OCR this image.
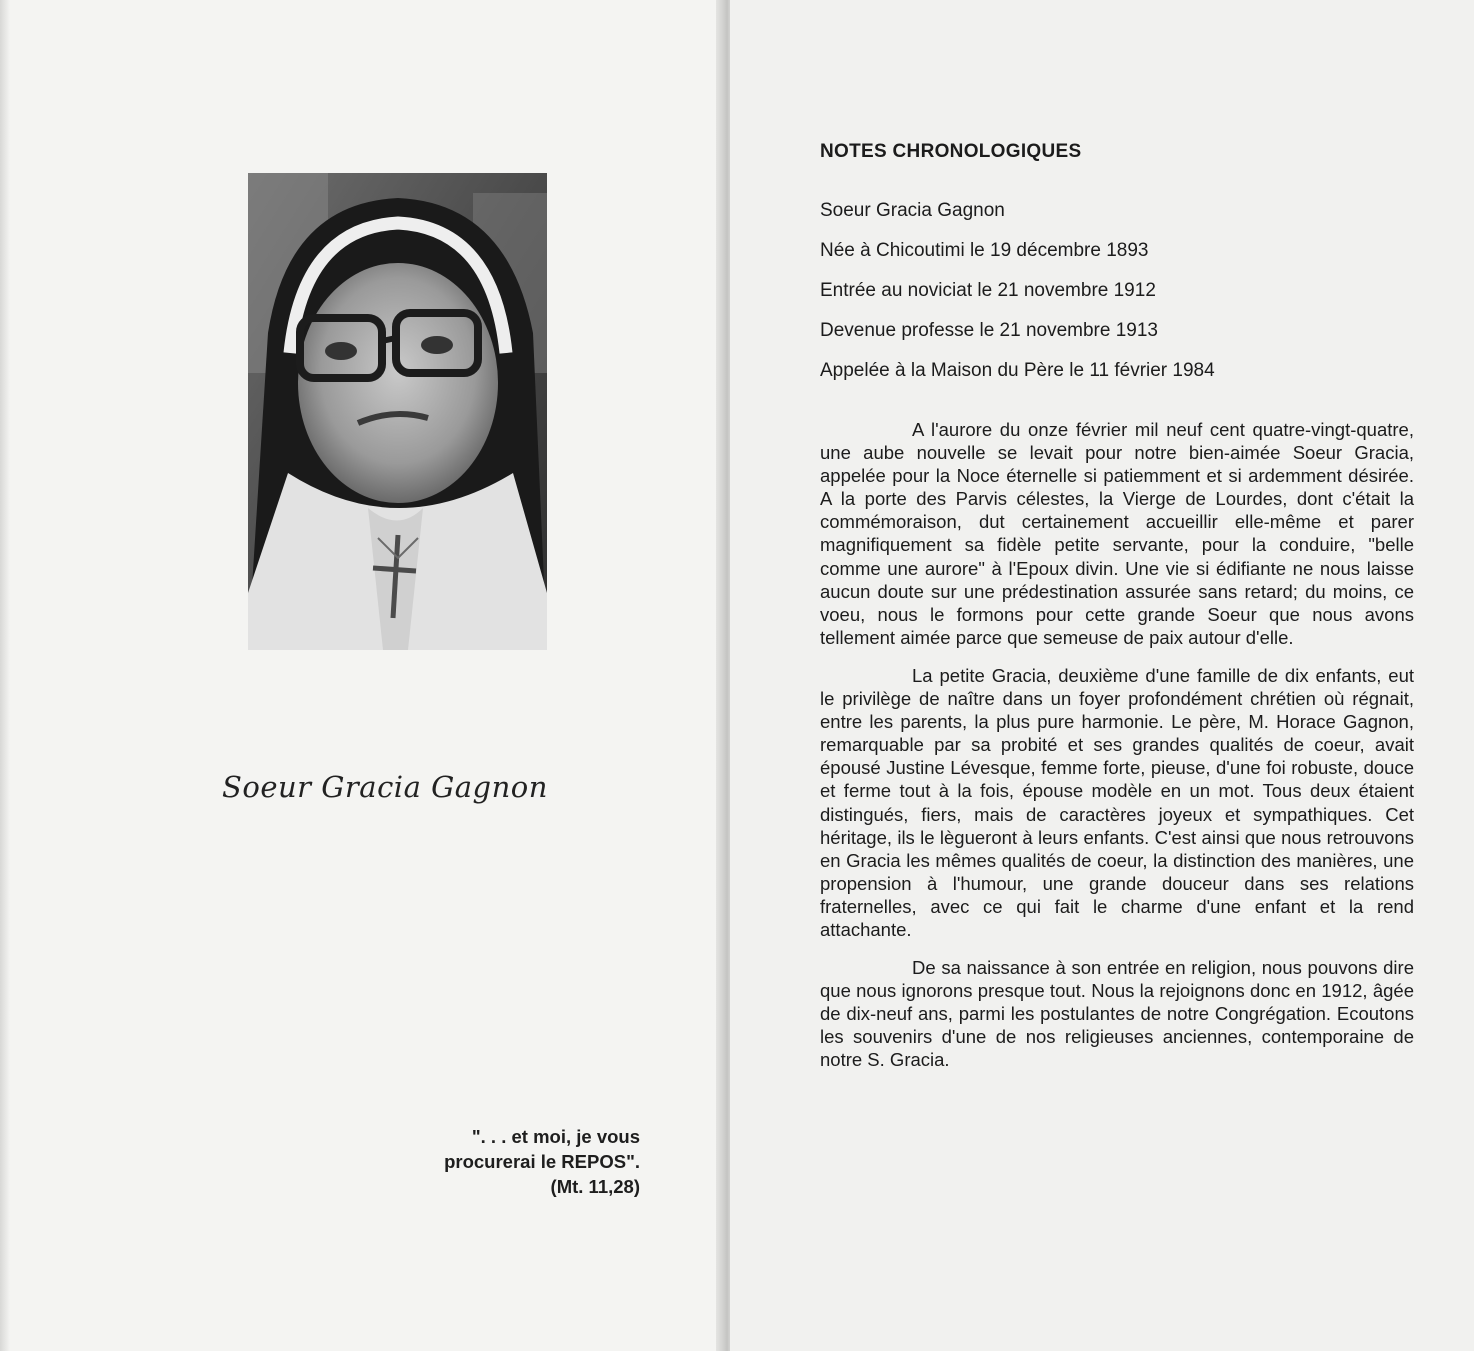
Soeur Gracia Gagnon
". . . et moi, je vous
procurerai le REPOS".
(Mt. 11,28)
NOTES CHRONOLOGIQUES
Soeur Gracia Gagnon
Née à Chicoutimi le 19 décembre 1893
Entrée au noviciat le 21 novembre 1912
Devenue professe le 21 novembre 1913
Appelée à la Maison du Père le 11 février 1984

A l'aurore du onze février mil neuf cent quatre-vingt-quatre, une aube nouvelle se levait pour notre bien-aimée Soeur Gracia, appelée pour la Noce éternelle si patiemment et si ardemment désirée. A la porte des Parvis célestes, la Vierge de Lourdes, dont c'était la commémoraison, dut certainement accueillir elle-même et parer magnifiquement sa fidèle petite servante, pour la conduire, "belle comme une aurore" à l'Epoux divin. Une vie si édifiante ne nous laisse aucun doute sur une prédestination assurée sans retard; du moins, ce voeu, nous le formons pour cette grande Soeur que nous avons tellement aimée parce que semeuse de paix autour d'elle.

La petite Gracia, deuxième d'une famille de dix enfants, eut le privilège de naître dans un foyer profondément chrétien où régnait, entre les parents, la plus pure harmonie. Le père, M. Horace Gagnon, remarquable par sa probité et ses grandes qualités de coeur, avait épousé Justine Lévesque, femme forte, pieuse, d'une foi robuste, douce et ferme tout à la fois, épouse modèle en un mot. Tous deux étaient distingués, fiers, mais de caractères joyeux et sympathiques. Cet héritage, ils le lègueront à leurs enfants. C'est ainsi que nous retrouvons en Gracia les mêmes qualités de coeur, la distinction des manières, une propension à l'humour, une grande douceur dans ses relations fraternelles, avec ce qui fait le charme d'une enfant et la rend attachante.

De sa naissance à son entrée en religion, nous pouvons dire que nous ignorons presque tout. Nous la rejoignons donc en 1912, âgée de dix-neuf ans, parmi les postulantes de notre Congrégation. Ecoutons les souvenirs d'une de nos religieuses anciennes, contemporaine de notre S. Gracia.
